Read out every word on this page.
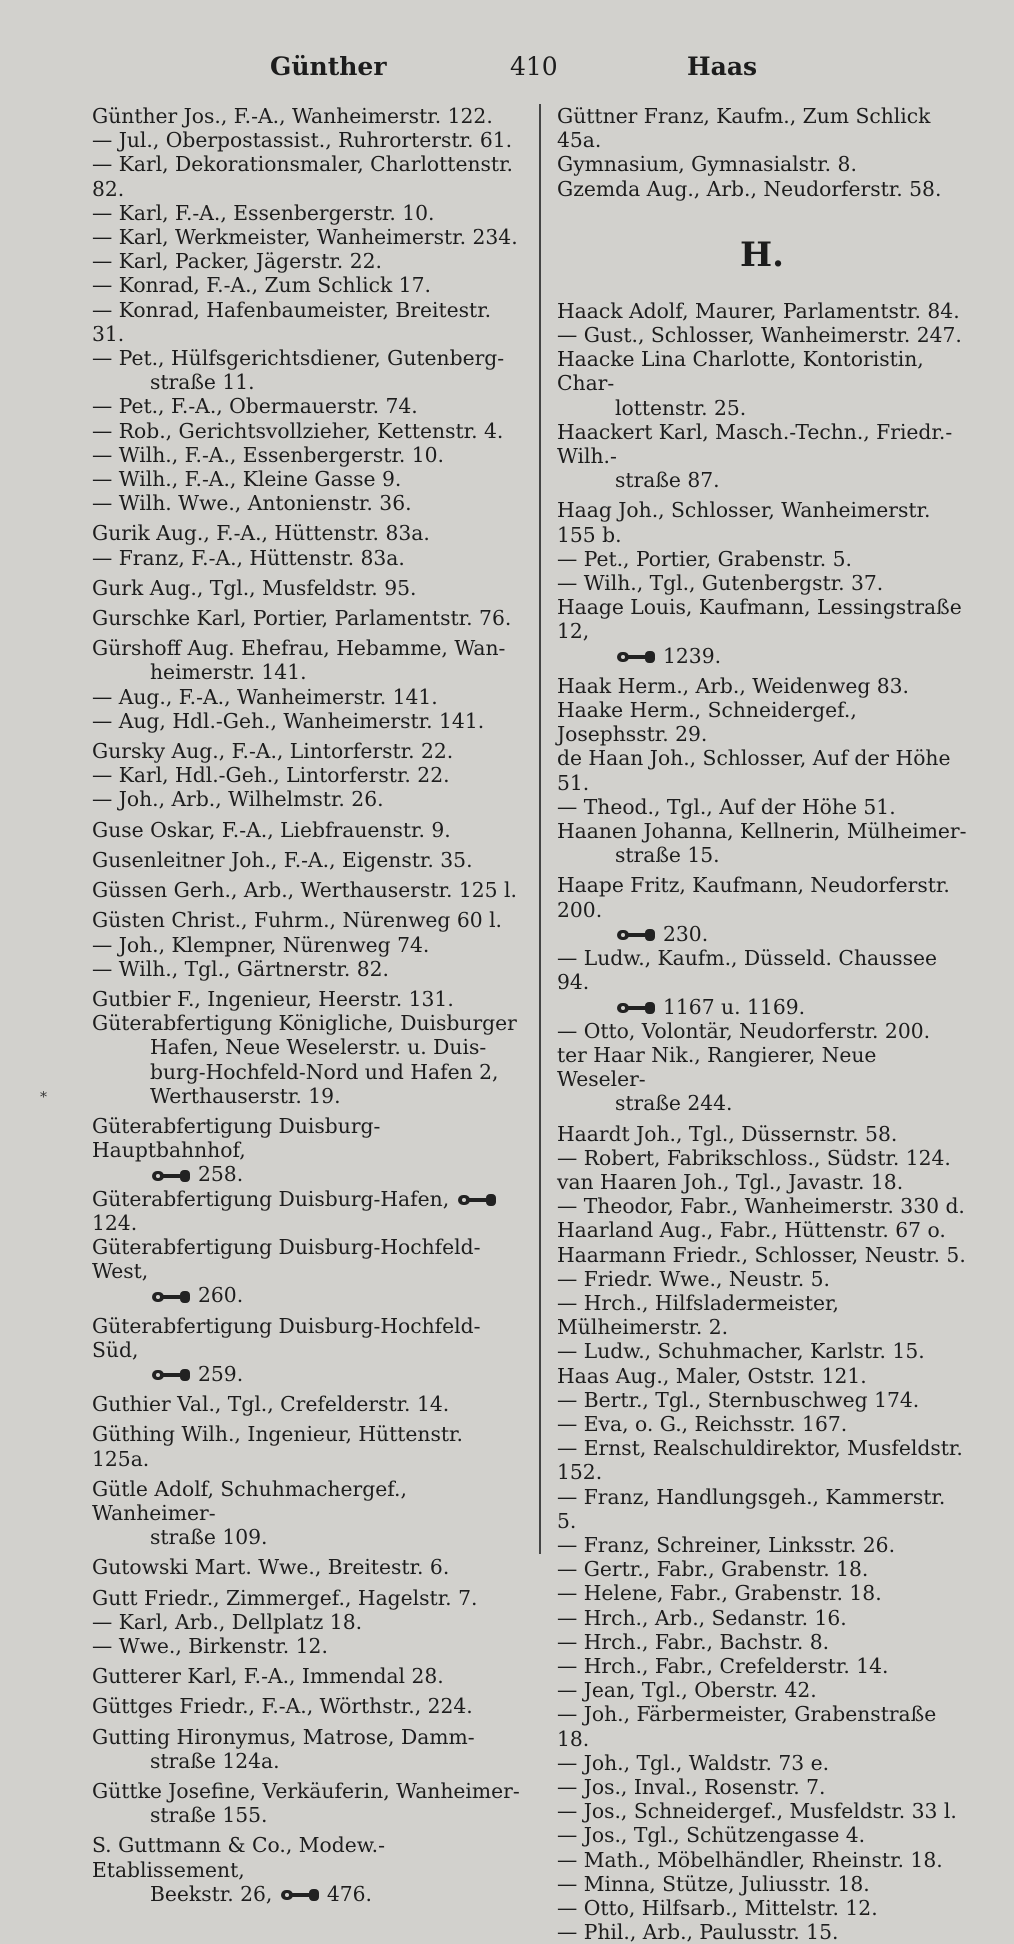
Günther	410	Haas
⁎
Günther Jos., F.-A., Wanheimerstr. 122.
— Jul., Oberpostassist., Ruhrorterstr. 61.
— Karl, Dekorationsmaler, Charlottenstr. 82.
— Karl, F.-A., Essenbergerstr. 10.
— Karl, Werkmeister, Wanheimerstr. 234.
— Karl, Packer, Jägerstr. 22.
— Konrad, F.-A., Zum Schlick 17.
— Konrad, Hafenbaumeister, Breitestr. 31.
— Pet., Hülfsgerichtsdiener, Gutenberg-
straße 11.
— Pet., F.-A., Obermauerstr. 74.
— Rob., Gerichtsvollzieher, Kettenstr. 4.
— Wilh., F.-A., Essenbergerstr. 10.
— Wilh., F.-A., Kleine Gasse 9.
— Wilh. Wwe., Antonienstr. 36.
Gurik Aug., F.-A., Hüttenstr. 83a.
— Franz, F.-A., Hüttenstr. 83a.
Gurk Aug., Tgl., Musfeldstr. 95.
Gurschke Karl, Portier, Parlamentstr. 76.
Gürshoff Aug. Ehefrau, Hebamme, Wan-
heimerstr. 141.
— Aug., F.-A., Wanheimerstr. 141.
— Aug, Hdl.-Geh., Wanheimerstr. 141.
Gursky Aug., F.-A., Lintorferstr. 22.
— Karl, Hdl.-Geh., Lintorferstr. 22.
— Joh., Arb., Wilhelmstr. 26.
Guse Oskar, F.-A., Liebfrauenstr. 9.
Gusenleitner Joh., F.-A., Eigenstr. 35.
Güssen Gerh., Arb., Werthauserstr. 125 l.
Güsten Christ., Fuhrm., Nürenweg 60 l.
— Joh., Klempner, Nürenweg 74.
— Wilh., Tgl., Gärtnerstr. 82.
Gutbier F., Ingenieur, Heerstr. 131.
Güterabfertigung Königliche, Duisburger
Hafen, Neue Weselerstr. u. Duis-
burg-Hochfeld-Nord und Hafen 2,
Werthauserstr. 19.
Güterabfertigung Duisburg-Hauptbahnhof,
258.
Güterabfertigung Duisburg-Hafen,
124.
Güterabfertigung Duisburg-Hochfeld-West,
260.
Güterabfertigung Duisburg-Hochfeld-Süd,
259.
Guthier Val., Tgl., Crefelderstr. 14.
Güthing Wilh., Ingenieur, Hüttenstr. 125a.
Gütle Adolf, Schuhmachergef., Wanheimer-
straße 109.
Gutowski Mart. Wwe., Breitestr. 6.
Gutt Friedr., Zimmergef., Hagelstr. 7.
— Karl, Arb., Dellplatz 18.
— Wwe., Birkenstr. 12.
Gutterer Karl, F.-A., Immendal 28.
Güttges Friedr., F.-A., Wörthstr., 224.
Gutting Hironymus, Matrose, Damm-
straße 124a.
Güttke Josefine, Verkäuferin, Wanheimer-
straße 155.
S. Guttmann & Co., Modew.-Etablissement,
Beekstr. 26,	476.
Güttner Franz, Kaufm., Zum Schlick 45a.
Gymnasium, Gymnasialstr. 8.
Gzemda Aug., Arb., Neudorferstr. 58.
H.
Haack Adolf, Maurer, Parlamentstr. 84.
— Gust., Schlosser, Wanheimerstr. 247.
Haacke Lina Charlotte, Kontoristin, Char-
lottenstr. 25.
Haackert Karl, Masch.-Techn., Friedr.-Wilh.-
straße 87.
Haag Joh., Schlosser, Wanheimerstr. 155 b.
— Pet., Portier, Grabenstr. 5.
— Wilh., Tgl., Gutenbergstr. 37.
Haage Louis, Kaufmann, Lessingstraße 12,
1239.
Haak Herm., Arb., Weidenweg 83.
Haake Herm., Schneidergef., Josephsstr. 29.
de Haan Joh., Schlosser, Auf der Höhe 51.
— Theod., Tgl., Auf der Höhe 51.
Haanen Johanna, Kellnerin, Mülheimer-
straße 15.
Haape Fritz, Kaufmann, Neudorferstr. 200.
230.
— Ludw., Kaufm., Düsseld. Chaussee 94.
1167 u. 1169.
— Otto, Volontär, Neudorferstr. 200.
ter Haar Nik., Rangierer, Neue Weseler-
straße 244.
Haardt Joh., Tgl., Düssernstr. 58.
— Robert, Fabrikschloss., Südstr. 124.
van Haaren Joh., Tgl., Javastr. 18.
— Theodor, Fabr., Wanheimerstr. 330 d.
Haarland Aug., Fabr., Hüttenstr. 67 o.
Haarmann Friedr., Schlosser, Neustr. 5.
— Friedr. Wwe., Neustr. 5.
— Hrch., Hilfsladermeister, Mülheimerstr. 2.
— Ludw., Schuhmacher, Karlstr. 15.
Haas Aug., Maler, Oststr. 121.
— Bertr., Tgl., Sternbuschweg 174.
— Eva, o. G., Reichsstr. 167.
— Ernst, Realschuldirektor, Musfeldstr. 152.
— Franz, Handlungsgeh., Kammerstr. 5.
— Franz, Schreiner, Linksstr. 26.
— Gertr., Fabr., Grabenstr. 18.
— Helene, Fabr., Grabenstr. 18.
— Hrch., Arb., Sedanstr. 16.
— Hrch., Fabr., Bachstr. 8.
— Hrch., Fabr., Crefelderstr. 14.
— Jean, Tgl., Oberstr. 42.
— Joh., Färbermeister, Grabenstraße 18.
— Joh., Tgl., Waldstr. 73 e.
— Jos., Inval., Rosenstr. 7.
— Jos., Schneidergef., Musfeldstr. 33 l.
— Jos., Tgl., Schützengasse 4.
— Math., Möbelhändler, Rheinstr. 18.
— Minna, Stütze, Juliusstr. 18.
— Otto, Hilfsarb., Mittelstr. 12.
— Phil., Arb., Paulusstr. 15.
